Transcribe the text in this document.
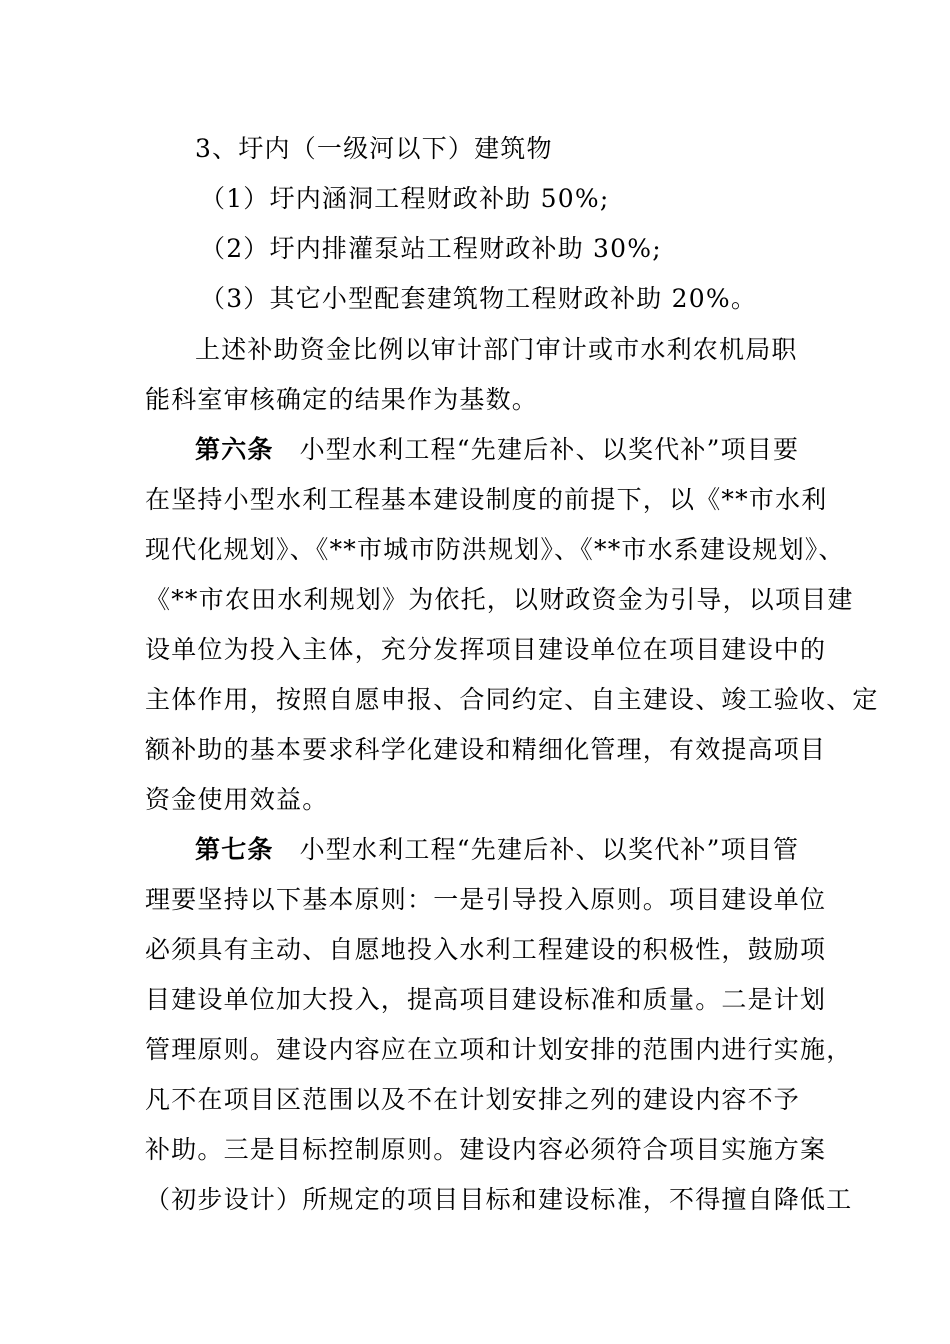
3、圩内（一级河以下）建筑物
（1）圩内涵洞工程财政补助 50%;
（2）圩内排灌泵站工程财政补助 30%;
（3）其它小型配套建筑物工程财政补助 20%。
上述补助资金比例以审计部门审计或市水利农机局职
能科室审核确定的结果作为基数。
第六条 小型水利工程“先建后补、以奖代补”项目要
在坚持小型水利工程基本建设制度的前提下，以《**市水利
现代化规划》、《**市城市防洪规划》、《**市水系建设规划》、
《**市农田水利规划》为依托，以财政资金为引导，以项目建
设单位为投入主体，充分发挥项目建设单位在项目建设中的
主体作用，按照自愿申报、合同约定、自主建设、竣工验收、定
额补助的基本要求科学化建设和精细化管理，有效提高项目
资金使用效益。
第七条 小型水利工程“先建后补、以奖代补”项目管
理要坚持以下基本原则：一是引导投入原则。项目建设单位
必须具有主动、自愿地投入水利工程建设的积极性，鼓励项
目建设单位加大投入，提高项目建设标准和质量。二是计划
管理原则。建设内容应在立项和计划安排的范围内进行实施，
凡不在项目区范围以及不在计划安排之列的建设内容不予
补助。三是目标控制原则。建设内容必须符合项目实施方案
（初步设计）所规定的项目目标和建设标准，不得擅自降低工
